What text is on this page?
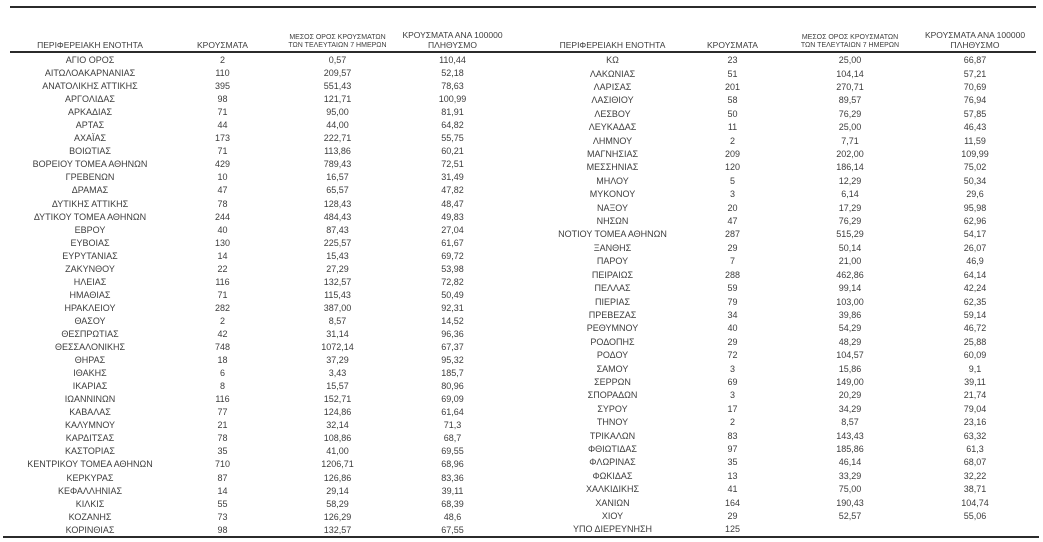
ΠΕΡΙΦΕΡΕΙΑΚΗ ΕΝΟΤΗΤΑ	ΚΡΟΥΣΜΑΤΑ	ΜΕΣΟΣ ΟΡΟΣ ΚΡΟΥΣΜΑΤΩΝ
ΤΩΝ ΤΕΛΕΥΤΑΙΩΝ 7 ΗΜΕΡΩΝ	ΚΡΟΥΣΜΑΤΑ ΑΝΑ 100000
ΠΛΗΘΥΣΜΟ

ΑΓΙΟ ΟΡΟΣ	2	0,57	110,44
ΑΙΤΩΛΟΑΚΑΡΝΑΝΙΑΣ	110	209,57	52,18
ΑΝΑΤΟΛΙΚΗΣ ΑΤΤΙΚΗΣ	395	551,43	78,63
ΑΡΓΟΛΙΔΑΣ	98	121,71	100,99
ΑΡΚΑΔΙΑΣ	71	95,00	81,91
ΑΡΤΑΣ	44	44,00	64,82
ΑΧΑΪΑΣ	173	222,71	55,75
ΒΟΙΩΤΙΑΣ	71	113,86	60,21
ΒΟΡΕΙΟΥ ΤΟΜΕΑ ΑΘΗΝΩΝ	429	789,43	72,51
ΓΡΕΒΕΝΩΝ	10	16,57	31,49
ΔΡΑΜΑΣ	47	65,57	47,82
ΔΥΤΙΚΗΣ ΑΤΤΙΚΗΣ	78	128,43	48,47
ΔΥΤΙΚΟΥ ΤΟΜΕΑ ΑΘΗΝΩΝ	244	484,43	49,83
ΕΒΡΟΥ	40	87,43	27,04
ΕΥΒΟΙΑΣ	130	225,57	61,67
ΕΥΡΥΤΑΝΙΑΣ	14	15,43	69,72
ΖΑΚΥΝΘΟΥ	22	27,29	53,98
ΗΛΕΙΑΣ	116	132,57	72,82
ΗΜΑΘΙΑΣ	71	115,43	50,49
ΗΡΑΚΛΕΙΟΥ	282	387,00	92,31
ΘΑΣΟΥ	2	8,57	14,52
ΘΕΣΠΡΩΤΙΑΣ	42	31,14	96,36
ΘΕΣΣΑΛΟΝΙΚΗΣ	748	1072,14	67,37
ΘΗΡΑΣ	18	37,29	95,32
ΙΘΑΚΗΣ	6	3,43	185,7
ΙΚΑΡΙΑΣ	8	15,57	80,96
ΙΩΑΝΝΙΝΩΝ	116	152,71	69,09
ΚΑΒΑΛΑΣ	77	124,86	61,64
ΚΑΛΥΜΝΟΥ	21	32,14	71,3
ΚΑΡΔΙΤΣΑΣ	78	108,86	68,7
ΚΑΣΤΟΡΙΑΣ	35	41,00	69,55
ΚΕΝΤΡΙΚΟΥ ΤΟΜΕΑ ΑΘΗΝΩΝ	710	1206,71	68,96
ΚΕΡΚΥΡΑΣ	87	126,86	83,36
ΚΕΦΑΛΛΗΝΙΑΣ	14	29,14	39,11
ΚΙΛΚΙΣ	55	58,29	68,39
ΚΟΖΑΝΗΣ	73	126,29	48,6
ΚΟΡΙΝΘΙΑΣ	98	132,57	67,55
ΠΕΡΙΦΕΡΕΙΑΚΗ ΕΝΟΤΗΤΑ	ΚΡΟΥΣΜΑΤΑ	ΜΕΣΟΣ ΟΡΟΣ ΚΡΟΥΣΜΑΤΩΝ
ΤΩΝ ΤΕΛΕΥΤΑΙΩΝ 7 ΗΜΕΡΩΝ	ΚΡΟΥΣΜΑΤΑ ΑΝΑ 100000
ΠΛΗΘΥΣΜΟ

ΚΩ	23	25,00	66,87
ΛΑΚΩΝΙΑΣ	51	104,14	57,21
ΛΑΡΙΣΑΣ	201	270,71	70,69
ΛΑΣΙΘΙΟΥ	58	89,57	76,94
ΛΕΣΒΟΥ	50	76,29	57,85
ΛΕΥΚΑΔΑΣ	11	25,00	46,43
ΛΗΜΝΟΥ	2	7,71	11,59
ΜΑΓΝΗΣΙΑΣ	209	202,00	109,99
ΜΕΣΣΗΝΙΑΣ	120	186,14	75,02
ΜΗΛΟΥ	5	12,29	50,34
ΜΥΚΟΝΟΥ	3	6,14	29,6
ΝΑΞΟΥ	20	17,29	95,98
ΝΗΣΩΝ	47	76,29	62,96
ΝΟΤΙΟΥ ΤΟΜΕΑ ΑΘΗΝΩΝ	287	515,29	54,17
ΞΑΝΘΗΣ	29	50,14	26,07
ΠΑΡΟΥ	7	21,00	46,9
ΠΕΙΡΑΙΩΣ	288	462,86	64,14
ΠΕΛΛΑΣ	59	99,14	42,24
ΠΙΕΡΙΑΣ	79	103,00	62,35
ΠΡΕΒΕΖΑΣ	34	39,86	59,14
ΡΕΘΥΜΝΟΥ	40	54,29	46,72
ΡΟΔΟΠΗΣ	29	48,29	25,88
ΡΟΔΟΥ	72	104,57	60,09
ΣΑΜΟΥ	3	15,86	9,1
ΣΕΡΡΩΝ	69	149,00	39,11
ΣΠΟΡΑΔΩΝ	3	20,29	21,74
ΣΥΡΟΥ	17	34,29	79,04
ΤΗΝΟΥ	2	8,57	23,16
ΤΡΙΚΑΛΩΝ	83	143,43	63,32
ΦΘΙΩΤΙΔΑΣ	97	185,86	61,3
ΦΛΩΡΙΝΑΣ	35	46,14	68,07
ΦΩΚΙΔΑΣ	13	33,29	32,22
ΧΑΛΚΙΔΙΚΗΣ	41	75,00	38,71
ΧΑΝΙΩΝ	164	190,43	104,74
ΧΙΟΥ	29	52,57	55,06
ΥΠΟ ΔΙΕΡΕΥΝΗΣΗ	125		
